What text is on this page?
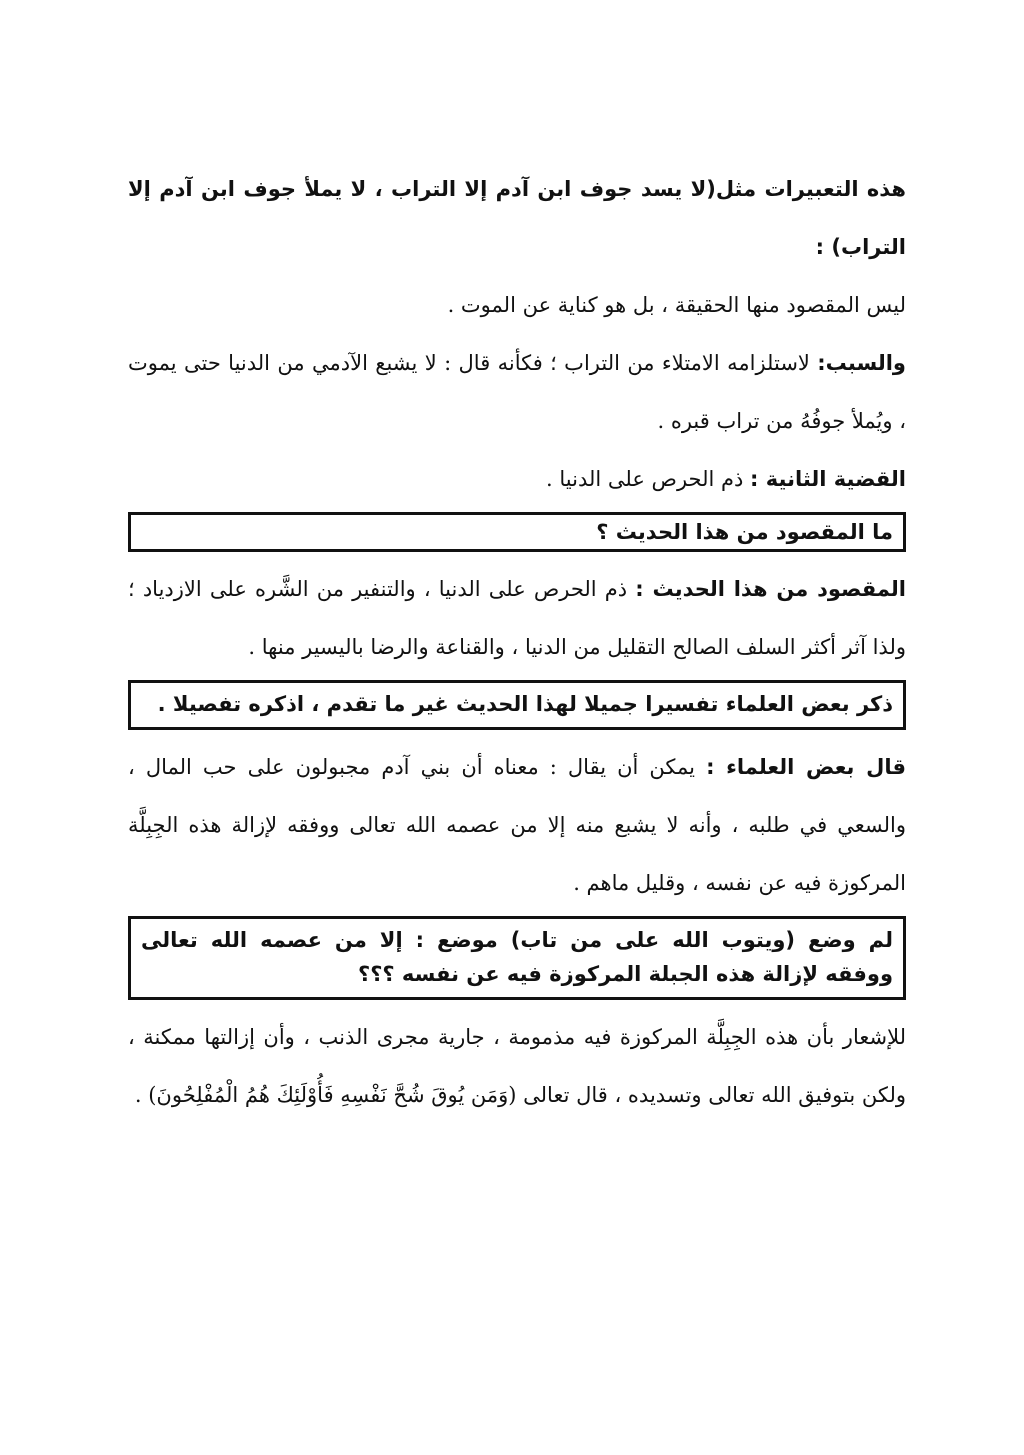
هذه التعبيرات مثل(لا يسد جوف ابن آدم إلا التراب ، لا يملأ جوف ابن آدم إلا التراب) :
ليس المقصود منها الحقيقة ، بل هو كناية عن الموت .

والسبب: لاستلزامه الامتلاء من التراب ؛ فكأنه قال : لا يشبع الآدمي من الدنيا حتى يموت ، ويُملأ جوفُهُ من تراب قبره .

القضية الثانية : ذم الحرص على الدنيا .

ما المقصود من هذا الحديث ؟

المقصود من هذا الحديث : ذم الحرص على الدنيا ، والتنفير من الشَّره على الازدياد ؛ ولذا آثر أكثر السلف الصالح التقليل من الدنيا ، والقناعة والرضا باليسير منها .

ذكر بعض العلماء تفسيرا جميلا لهذا الحديث غير ما تقدم ، اذكره تفصيلا .

قال بعض العلماء : يمكن أن يقال : معناه أن بني آدم مجبولون على حب المال ، والسعي في طلبه ، وأنه لا يشبع منه إلا من عصمه الله تعالى ووفقه لإزالة هذه الجِبِلَّة المركوزة فيه عن نفسه ، وقليل ماهم .

لم وضع (ويتوب الله على من تاب) موضع : إلا من عصمه الله تعالى ووفقه لإزالة هذه الجبلة المركوزة فيه عن نفسه ؟؟؟

للإشعار بأن هذه الجِبِلَّة المركوزة فيه مذمومة ، جارية مجرى الذنب ، وأن إزالتها ممكنة ، ولكن بتوفيق الله تعالى وتسديده ، قال تعالى (وَمَن يُوقَ شُحَّ نَفْسِهِ فَأُوْلَئِكَ هُمُ الْمُفْلِحُونَ) .
